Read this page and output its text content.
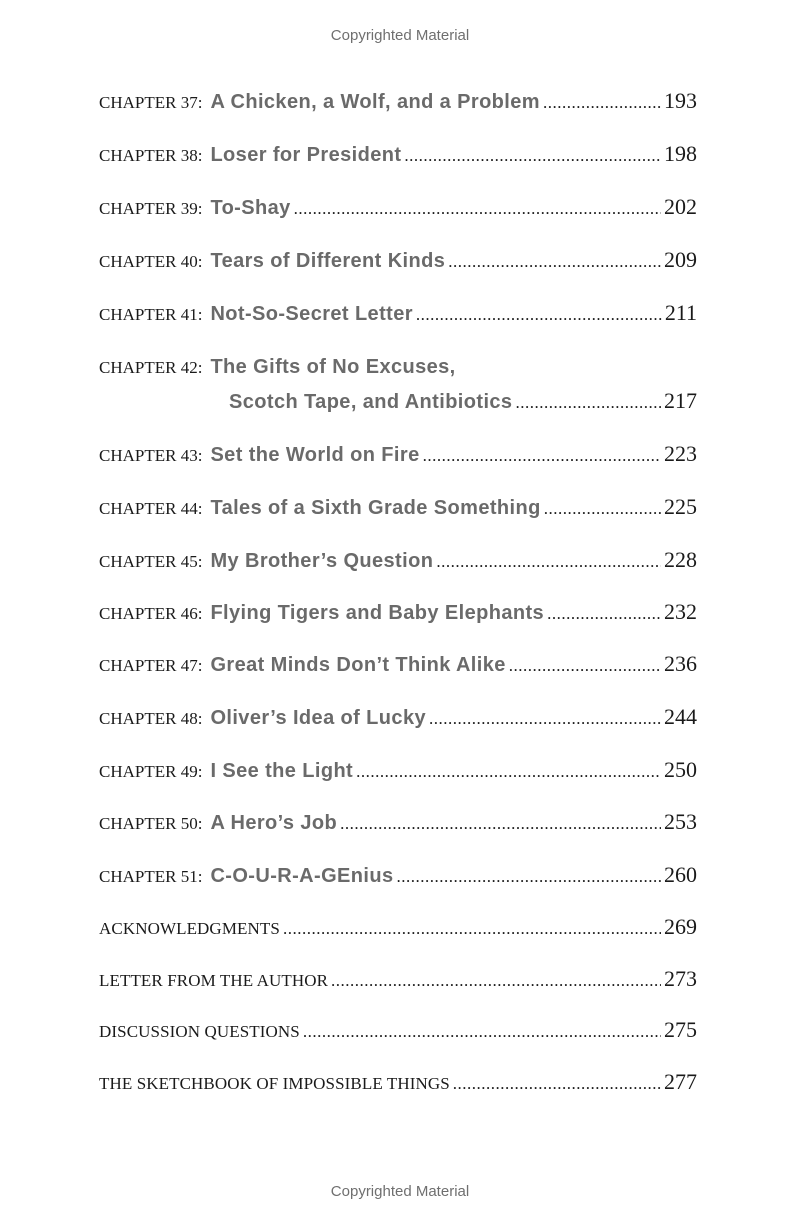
Copyrighted Material
CHAPTER 37: A Chicken, a Wolf, and a Problem .....	193
CHAPTER 38: Loser for President .....	198
CHAPTER 39: To-Shay .....	202
CHAPTER 40: Tears of Different Kinds .....	209
CHAPTER 41: Not-So-Secret Letter .....	211
CHAPTER 42: The Gifts of No Excuses,
Scotch Tape, and Antibiotics .....	217
CHAPTER 43: Set the World on Fire .....	223
CHAPTER 44: Tales of a Sixth Grade Something .....	225
CHAPTER 45: My Brother’s Question .....	228
CHAPTER 46: Flying Tigers and Baby Elephants .....	232
CHAPTER 47: Great Minds Don’t Think Alike .....	236
CHAPTER 48: Oliver’s Idea of Lucky .....	244
CHAPTER 49: I See the Light .....	250
CHAPTER 50: A Hero’s Job .....	253
CHAPTER 51: C-O-U-R-A-GEnius .....	260
ACKNOWLEDGMENTS .....	269
LETTER FROM THE AUTHOR .....	273
DISCUSSION QUESTIONS .....	275
THE SKETCHBOOK OF IMPOSSIBLE THINGS .....	277
Copyrighted Material
